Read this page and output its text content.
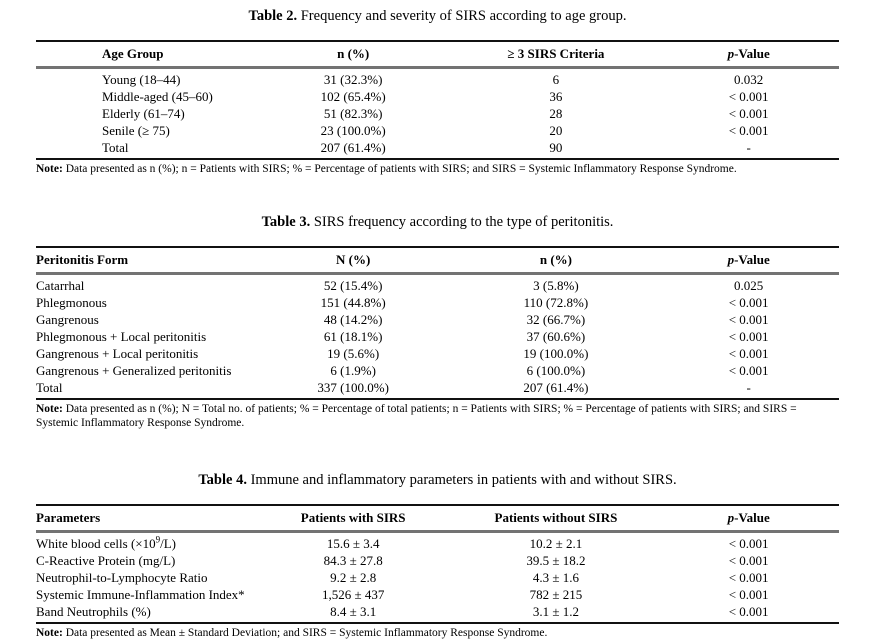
Table 2. Frequency and severity of SIRS according to age group.
Age Group	n (%)	≥ 3 SIRS Criteria	p-Value
Young (18–44)	31 (32.3%)	6	0.032
Middle-aged (45–60)	102 (65.4%)	36	< 0.001
Elderly (61–74)	51 (82.3%)	28	< 0.001
Senile (≥ 75)	23 (100.0%)	20	< 0.001
Total	207 (61.4%)	90	-
Note: Data presented as n (%); n = Patients with SIRS; % = Percentage of patients with SIRS; and SIRS = Systemic Inflammatory Response Syndrome.
Table 3. SIRS frequency according to the type of peritonitis.
Peritonitis Form	N (%)	n (%)	p-Value
Catarrhal	52 (15.4%)	3 (5.8%)	0.025
Phlegmonous	151 (44.8%)	110 (72.8%)	< 0.001
Gangrenous	48 (14.2%)	32 (66.7%)	< 0.001
Phlegmonous + Local peritonitis	61 (18.1%)	37 (60.6%)	< 0.001
Gangrenous + Local peritonitis	19 (5.6%)	19 (100.0%)	< 0.001
Gangrenous + Generalized peritonitis	6 (1.9%)	6 (100.0%)	< 0.001
Total	337 (100.0%)	207 (61.4%)	-
Note: Data presented as n (%); N = Total no. of patients; % = Percentage of total patients; n = Patients with SIRS; % = Percentage of patients with SIRS; and SIRS = Systemic Inflammatory Response Syndrome.
Table 4. Immune and inflammatory parameters in patients with and without SIRS.
Parameters	Patients with SIRS	Patients without SIRS	p-Value
White blood cells $(\times 10^9/L)$	15.6 ± 3.4	10.2 ± 2.1	< 0.001
C-Reactive Protein (mg/L)	84.3 ± 27.8	39.5 ± 18.2	< 0.001
Neutrophil-to-Lymphocyte Ratio	9.2 ± 2.8	4.3 ± 1.6	< 0.001
Systemic Immune-Inflammation Index*	1,526 ± 437	782 ± 215	< 0.001
Band Neutrophils (%)	8.4 ± 3.1	3.1 ± 1.2	< 0.001
Note: Data presented as Mean ± Standard Deviation; and SIRS = Systemic Inflammatory Response Syndrome.
